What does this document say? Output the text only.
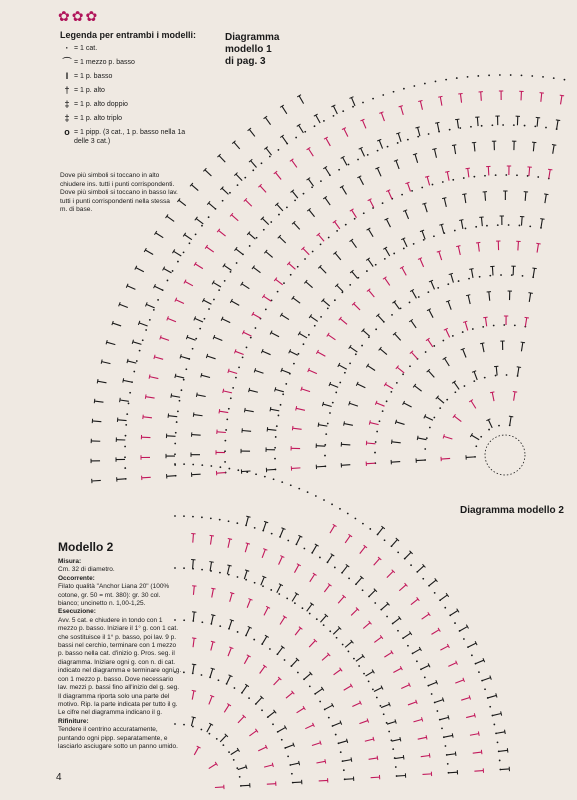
✿✿✿
Legenda per entrambi i modelli:
· = 1 cat.
⌒ = 1 mezzo p. basso
I = 1 p. basso
† = 1 p. alto
‡ = 1 p. alto doppio
‡ = 1 p. alto triplo
o = 1 pipp. (3 cat., 1 p. basso nella 1a delle 3 cat.)
Dove più simboli si toccano in alto chiudere ins. tutti i punti corrispondenti. Dove più simboli si toccano in basso lav. tutti i punti corrispondenti nella stessa m. di base.
Diagramma
modello 1
di pag. 3
Diagramma modello 2
Modello 2
Misura:
Cm. 32 di diametro.
Occorrente:
Filato qualità "Anchor Liana 20" (100% cotone, gr. 50 = mt. 380): gr. 30 col. bianco; uncinetto n. 1,00-1,25.
Esecuzione:
Avv. 5 cat. e chiudere in tondo con 1 mezzo p. basso. Iniziare il 1° g. con 1 cat. che sostituisce il 1° p. basso, poi lav. 9 p. bassi nel cerchio, terminare con 1 mezzo p. basso nella cat. d'inizio g. Pros. seg. il diagramma. Iniziare ogni g. con n. di cat. indicato nel diagramma e terminare ogni g. con 1 mezzo p. basso. Dove necessario lav. mezzi p. bassi fino all'inizio del g. seg. Il diagramma riporta solo una parte del motivo. Rip. la parte indicata per tutto il g. Le cifre nel diagramma indicano il g.
Rifiniture:
Tendere il centrino accuratamente, puntando ogni pipp. separatamente, e lasciarlo asciugare sotto un panno umido.
4
